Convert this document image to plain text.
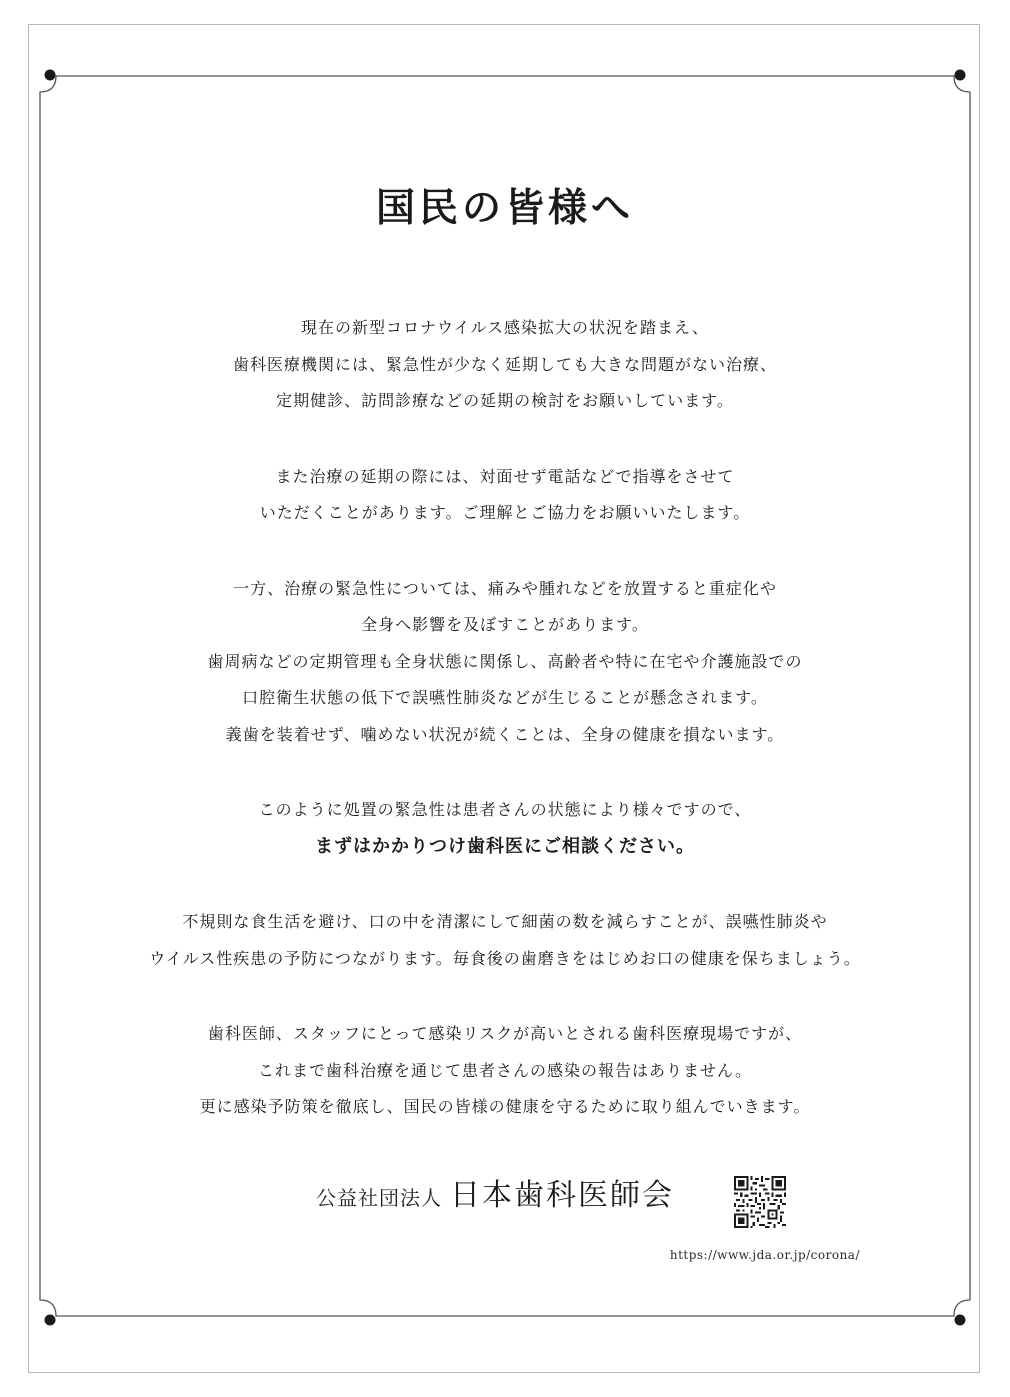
国民の皆様へ
現在の新型コロナウイルス感染拡大の状況を踏まえ、
歯科医療機関には、緊急性が少なく延期しても大きな問題がない治療、
定期健診、訪問診療などの延期の検討をお願いしています。
また治療の延期の際には、対面せず電話などで指導をさせて
いただくことがあります。ご理解とご協力をお願いいたします。
一方、治療の緊急性については、痛みや腫れなどを放置すると重症化や
全身へ影響を及ぼすことがあります。
歯周病などの定期管理も全身状態に関係し、高齢者や特に在宅や介護施設での
口腔衛生状態の低下で誤嚥性肺炎などが生じることが懸念されます。
義歯を装着せず、噛めない状況が続くことは、全身の健康を損ないます。
このように処置の緊急性は患者さんの状態により様々ですので、
まずはかかりつけ歯科医にご相談ください。
不規則な食生活を避け、口の中を清潔にして細菌の数を減らすことが、誤嚥性肺炎や
ウイルス性疾患の予防につながります。毎食後の歯磨きをはじめお口の健康を保ちましょう。
歯科医師、スタッフにとって感染リスクが高いとされる歯科医療現場ですが、
これまで歯科治療を通じて患者さんの感染の報告はありません。
更に感染予防策を徹底し、国民の皆様の健康を守るために取り組んでいきます。
公益社団法人 日本歯科医師会
https://www.jda.or.jp/corona/
